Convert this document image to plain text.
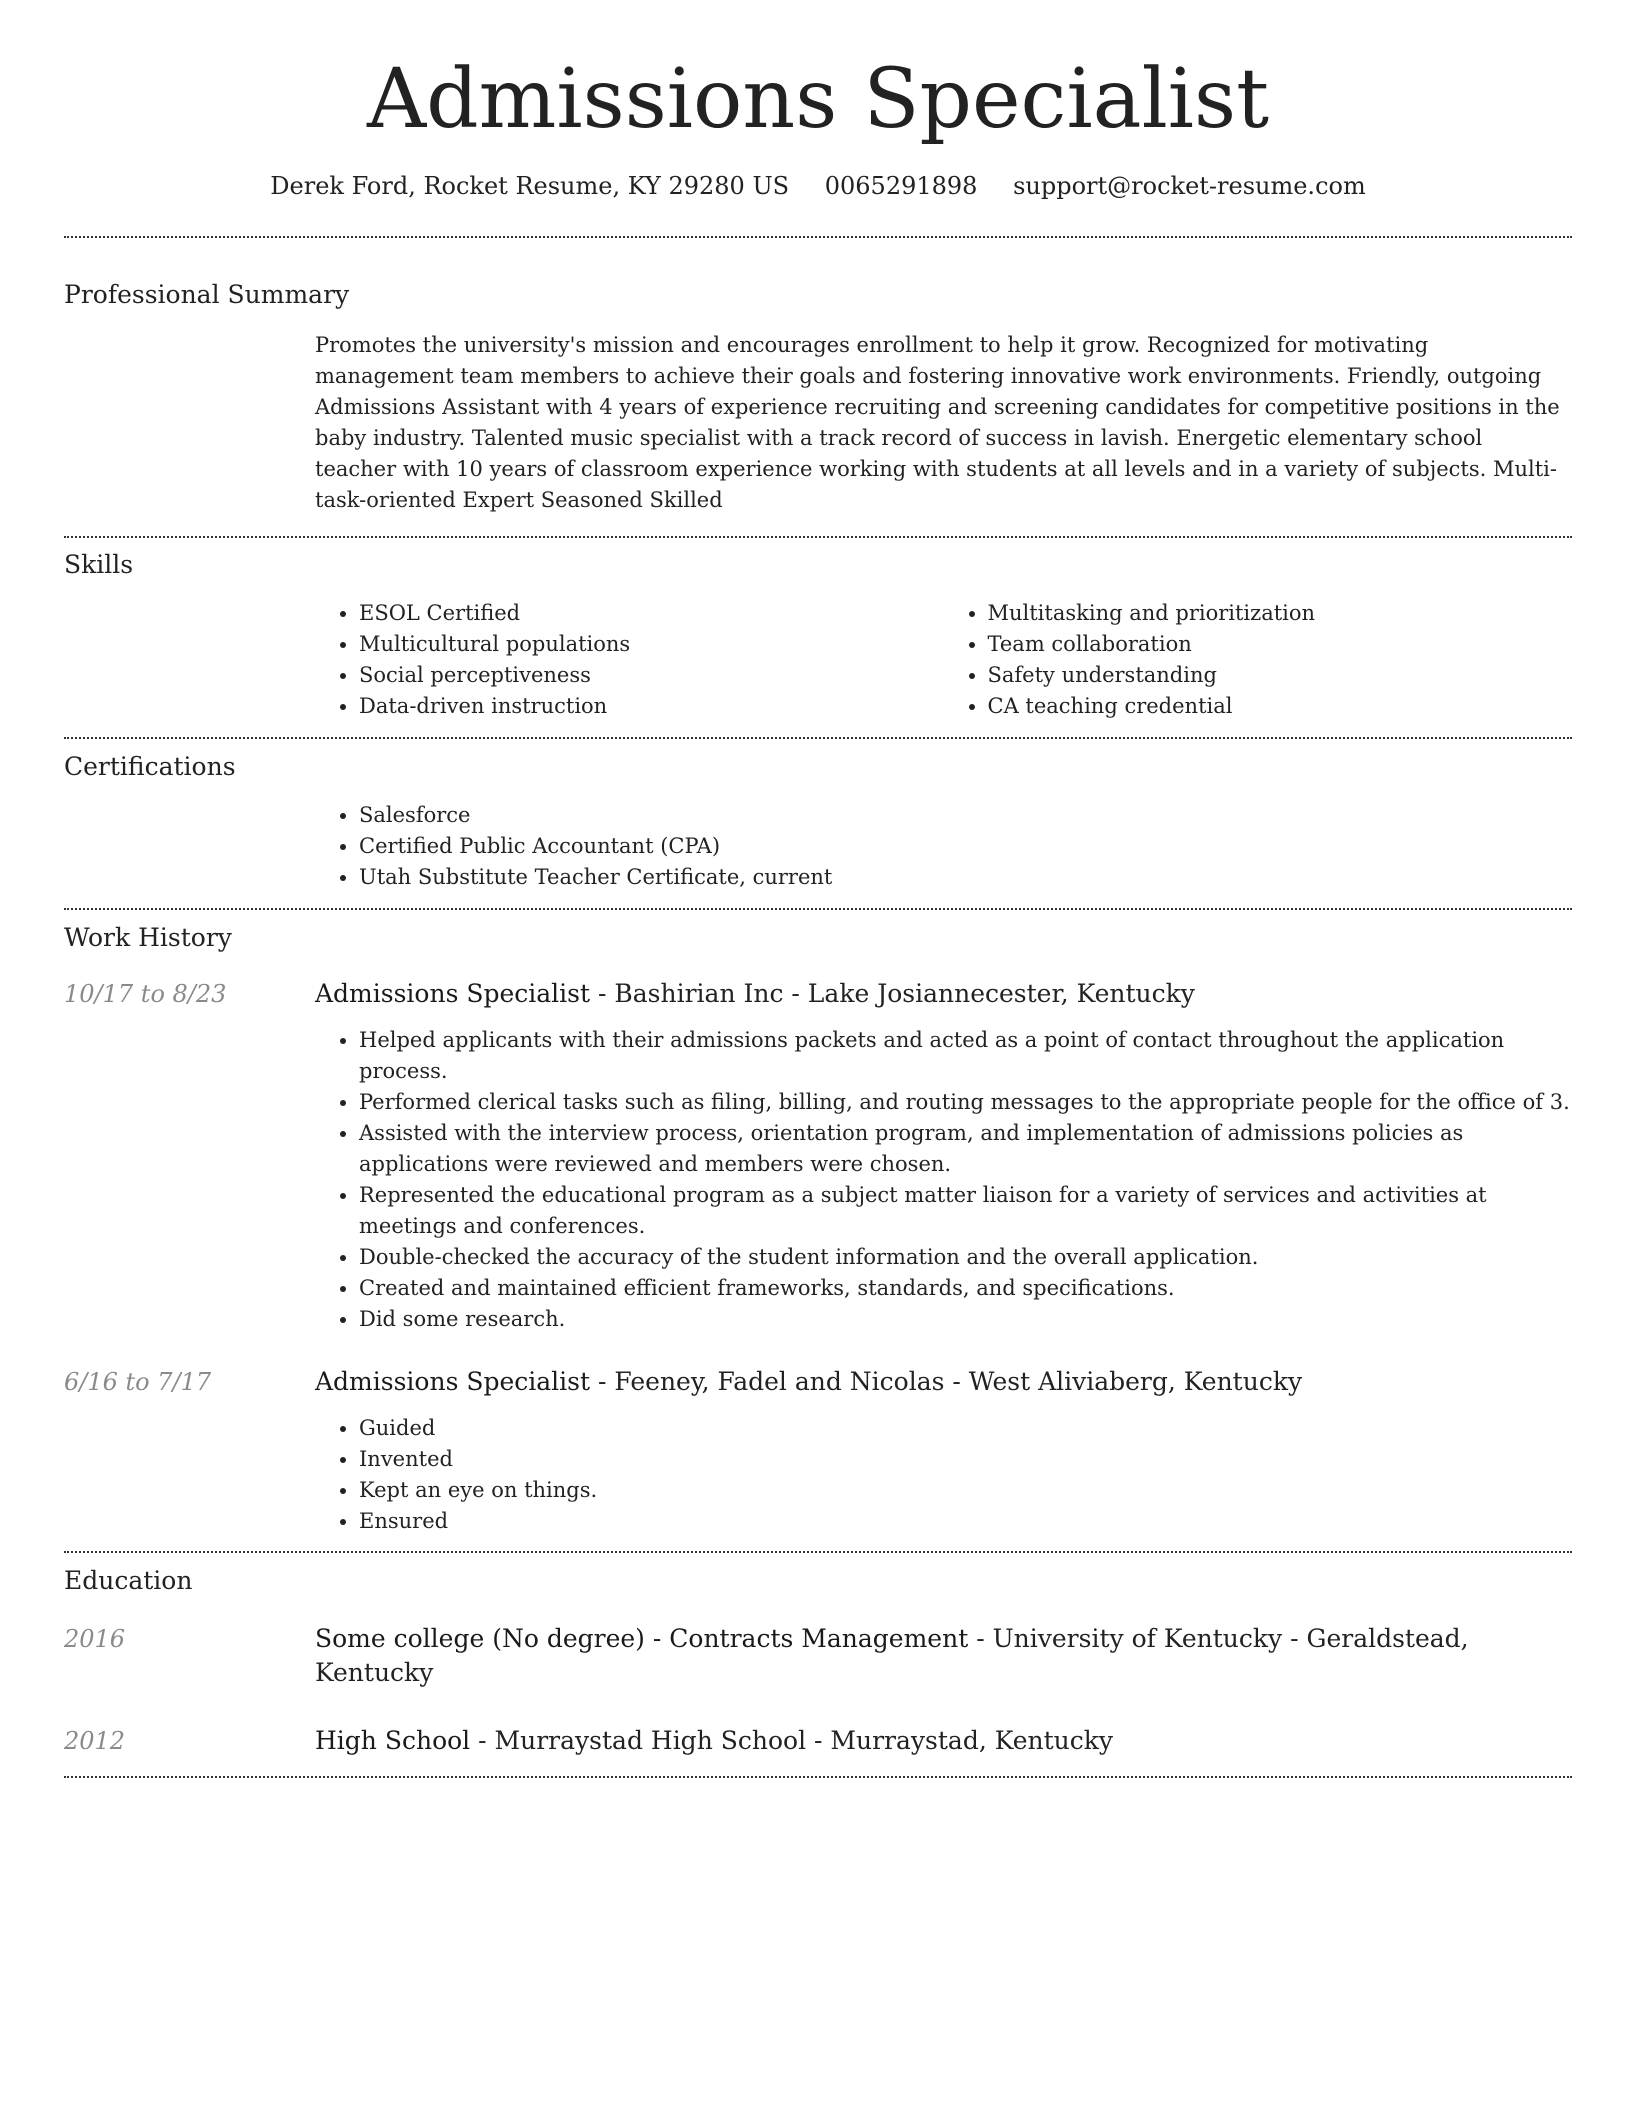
Admissions Specialist
Derek Ford, Rocket Resume, KY 29280 US 0065291898 support@rocket-resume.com
Professional Summary
Promotes the university's mission and encourages enrollment to help it grow. Recognized for motivating management team members to achieve their goals and fostering innovative work environments. Friendly, outgoing Admissions Assistant with 4 years of experience recruiting and screening candidates for competitive positions in the baby industry. Talented music specialist with a track record of success in lavish. Energetic elementary school teacher with 10 years of classroom experience working with students at all levels and in a variety of subjects. Multi-task-oriented Expert Seasoned Skilled
Skills
• ESOL Certified
• Multicultural populations
• Social perceptiveness
• Data-driven instruction
• Multitasking and prioritization
• Team collaboration
• Safety understanding
• CA teaching credential
Certifications
• Salesforce
• Certified Public Accountant (CPA)
• Utah Substitute Teacher Certificate, current
Work History
10/17 to 8/23	Admissions Specialist - Bashirian Inc - Lake Josiannecester, Kentucky
• Helped applicants with their admissions packets and acted as a point of contact throughout the application process.
• Performed clerical tasks such as filing, billing, and routing messages to the appropriate people for the office of 3.
• Assisted with the interview process, orientation program, and implementation of admissions policies as applications were reviewed and members were chosen.
• Represented the educational program as a subject matter liaison for a variety of services and activities at meetings and conferences.
• Double-checked the accuracy of the student information and the overall application.
• Created and maintained efficient frameworks, standards, and specifications.
• Did some research.
6/16 to 7/17	Admissions Specialist - Feeney, Fadel and Nicolas - West Aliviaberg, Kentucky
• Guided
• Invented
• Kept an eye on things.
• Ensured
Education
2016	Some college (No degree) - Contracts Management - University of Kentucky - Geraldstead, Kentucky
2012	High School - Murraystad High School - Murraystad, Kentucky
